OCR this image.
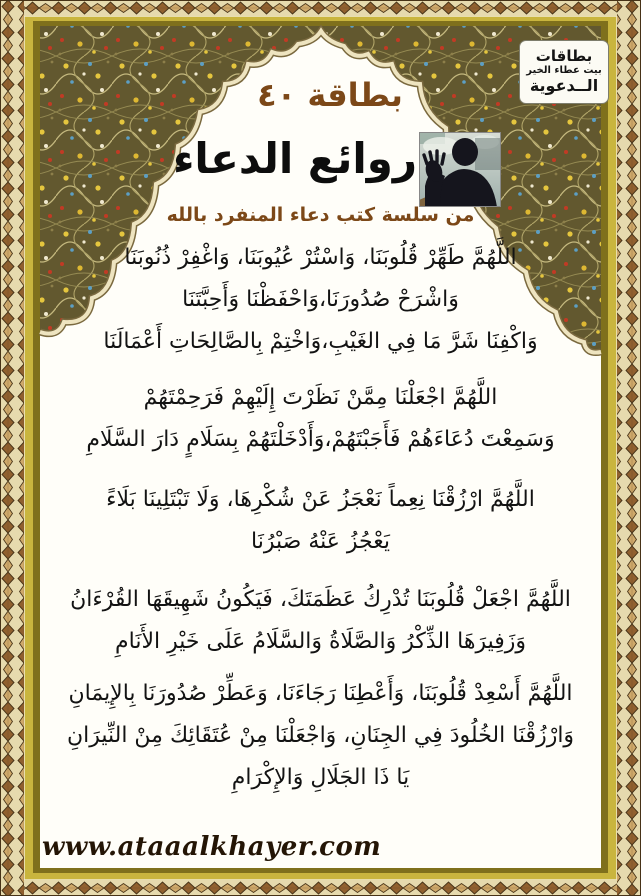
بطاقات
بيت عطاء الخير
الــدعوية
بطاقة ٤٠
روائع الدعاء
من سلسة كتب دعاء المنفرد بالله
اللَّهُمَّ طَهِّرْ قُلُوبَنَا، وَاسْتُرْ عُيُوبَنَا، وَاغْفِرْ ذُنُوبَنَا
وَاشْرَحْ صُدُورَنَا،وَاحْفَظْنَا وَأَحِبَّتَنَا
وَاكْفِنَا شَرَّ مَا فِي الغَيْبِ،وَاخْتِمْ بِالصَّالِحَاتِ أَعْمَالَنَا
اللَّهُمَّ اجْعَلْنَا مِمَّنْ نَظَرْتَ إِلَيْهِمْ فَرَحِمْتَهُمْ
وَسَمِعْتَ دُعَاءَهُمْ فَأَجَبْتَهُمْ،وَأَدْخَلْتَهُمْ بِسَلَامٍ دَارَ السَّلَامِ
اللَّهُمَّ ارْزُقْنَا نِعِماً نَعْجَزُ عَنْ شُكْرِهَا، وَلَا تَبْتَلِينَا بَلَاءً
يَعْجُزُ عَنْهُ صَبْرُنَا
اللَّهُمَّ اجْعَلْ قُلُوبَنَا تُدْرِكُ عَظَمَتَكَ، فَيَكُونُ شَهِيقَهَا القُرْءَانُ
وَزَفِيرَهَا الذِّكْرُ وَالصَّلَاةُ وَالسَّلَامُ عَلَى خَيْرِ الأَنَامِ
اللَّهُمَّ أَسْعِدْ قُلُوبَنَا، وَأَعْطِنَا رَجَاءَنَا، وَعَطِّرْ صُدُورَنَا بِالإِيمَانِ
وَارْزُقْنَا الخُلُودَ فِي الجِنَانِ، وَاجْعَلْنَا مِنْ عُتَقَائِكَ مِنْ النِّيرَانِ
يَا ذَا الجَلَالِ وَالإِكْرَامِ
www.ataaalkhayer.com
